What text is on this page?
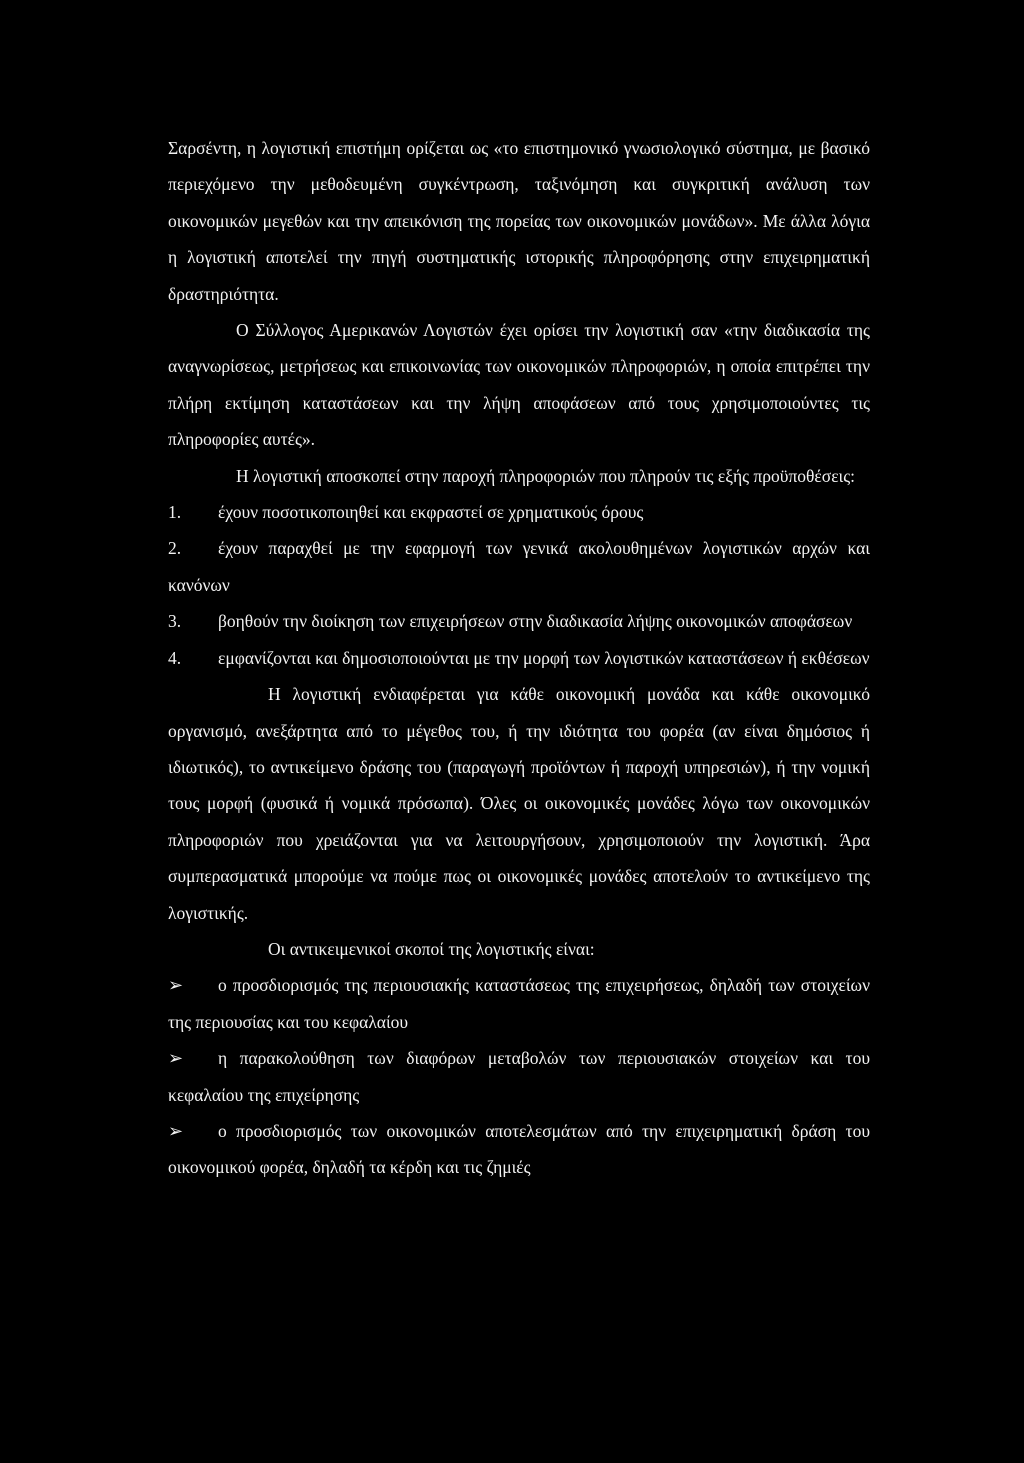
Σαρσέντη, η λογιστική επιστήμη ορίζεται ως «το επιστημονικό γνωσιολογικό σύστημα, με βασικό περιεχόμενο την μεθοδευμένη συγκέντρωση, ταξινόμηση και συγκριτική ανάλυση των οικονομικών μεγεθών και την απεικόνιση της πορείας των οικονομικών μονάδων». Με άλλα λόγια η λογιστική αποτελεί την πηγή συστηματικής ιστορικής πληροφόρησης στην επιχειρηματική δραστηριότητα.

Ο Σύλλογος Αμερικανών Λογιστών έχει ορίσει την λογιστική σαν «την διαδικασία της αναγνωρίσεως, μετρήσεως και επικοινωνίας των οικονομικών πληροφοριών, η οποία επιτρέπει την πλήρη εκτίμηση καταστάσεων και την λήψη αποφάσεων από τους χρησιμοποιούντες τις πληροφορίες αυτές».

Η λογιστική αποσκοπεί στην παροχή πληροφοριών που πληρούν τις εξής προϋποθέσεις:

1. έχουν ποσοτικοποιηθεί και εκφραστεί σε χρηματικούς όρους

2. έχουν παραχθεί με την εφαρμογή των γενικά ακολουθημένων λογιστικών αρχών και κανόνων

3. βοηθούν την διοίκηση των επιχειρήσεων στην διαδικασία λήψης οικονομικών αποφάσεων

4. εμφανίζονται και δημοσιοποιούνται με την μορφή των λογιστικών καταστάσεων ή εκθέσεων

Η λογιστική ενδιαφέρεται για κάθε οικονομική μονάδα και κάθε οικονομικό οργανισμό, ανεξάρτητα από το μέγεθος του, ή την ιδιότητα του φορέα (αν είναι δημόσιος ή ιδιωτικός), το αντικείμενο δράσης του (παραγωγή προϊόντων ή παροχή υπηρεσιών), ή την νομική τους μορφή (φυσικά ή νομικά πρόσωπα). Όλες οι οικονομικές μονάδες λόγω των οικονομικών πληροφοριών που χρειάζονται για να λειτουργήσουν, χρησιμοποιούν την λογιστική. Άρα συμπερασματικά μπορούμε να πούμε πως οι οικονομικές μονάδες αποτελούν το αντικείμενο της λογιστικής.

Οι αντικειμενικοί σκοποί της λογιστικής είναι:

➢ ο προσδιορισμός της περιουσιακής καταστάσεως της επιχειρήσεως, δηλαδή των στοιχείων της περιουσίας και του κεφαλαίου

➢ η παρακολούθηση των διαφόρων μεταβολών των περιουσιακών στοιχείων και του κεφαλαίου της επιχείρησης

➢ ο προσδιορισμός των οικονομικών αποτελεσμάτων από την επιχειρηματική δράση του οικονομικού φορέα, δηλαδή τα κέρδη και τις ζημιές
